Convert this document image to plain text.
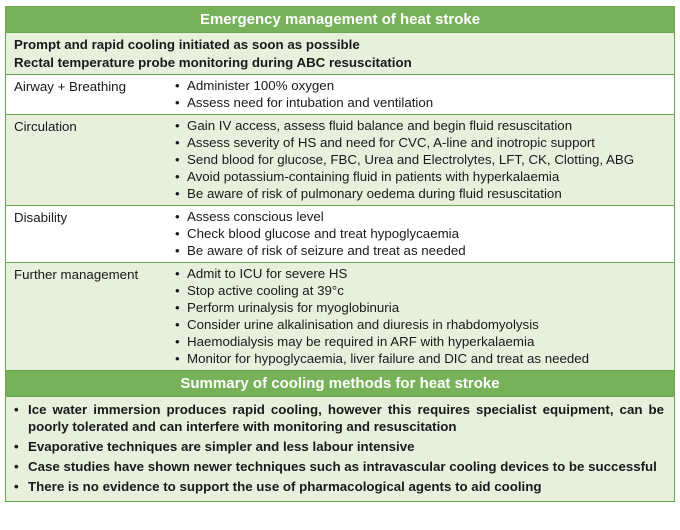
Emergency management of heat stroke
Prompt and rapid cooling initiated as soon as possible
Rectal temperature probe monitoring during ABC resuscitation
Airway + Breathing	• Administer 100% oxygen
• Assess need for intubation and ventilation
Circulation	• Gain IV access, assess fluid balance and begin fluid resuscitation
• Assess severity of HS and need for CVC, A-line and inotropic support
• Send blood for glucose, FBC, Urea and Electrolytes, LFT, CK, Clotting, ABG
• Avoid potassium-containing fluid in patients with hyperkalaemia
• Be aware of risk of pulmonary oedema during fluid resuscitation
Disability	• Assess conscious level
• Check blood glucose and treat hypoglycaemia
• Be aware of risk of seizure and treat as needed
Further management	• Admit to ICU for severe HS
• Stop active cooling at 39°c
• Perform urinalysis for myoglobinuria
• Consider urine alkalinisation and diuresis in rhabdomyolysis
• Haemodialysis may be required in ARF with hyperkalaemia
• Monitor for hypoglycaemia, liver failure and DIC and treat as needed
Summary of cooling methods for heat stroke
• Ice water immersion produces rapid cooling, however this requires specialist equipment, can be poorly tolerated and can interfere with monitoring and resuscitation
• Evaporative techniques are simpler and less labour intensive
• Case studies have shown newer techniques such as intravascular cooling devices to be successful
• There is no evidence to support the use of pharmacological agents to aid cooling
